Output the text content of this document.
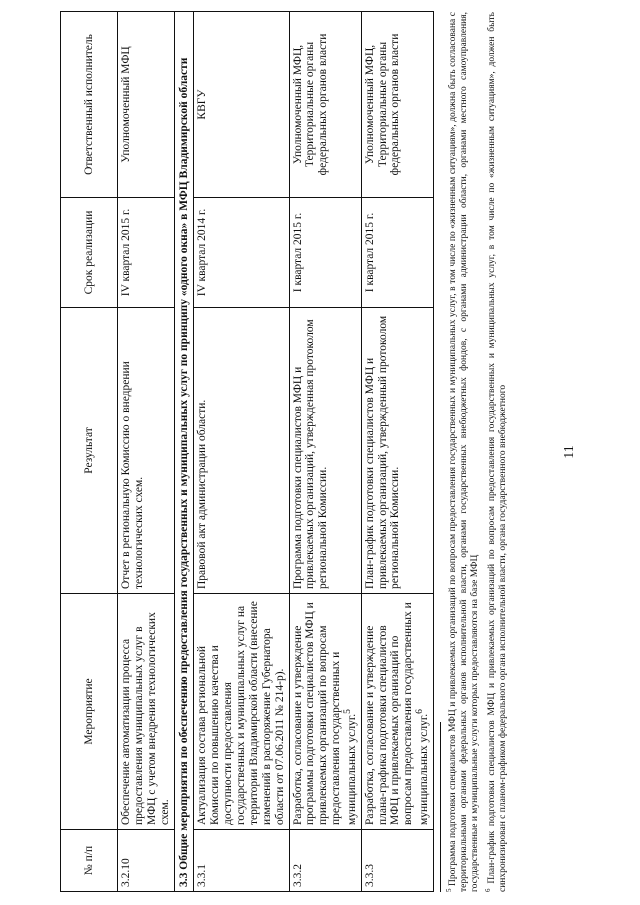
11
№ п/п	Мероприятие	Результат	Срок реализации	Ответственный исполнитель
3.2.10	Обеспечение автоматизации процесса предоставления муниципальных услуг в МФЦ с учетом внедрения технологических схем.	Отчет в региональную Комиссию о внедрении технологических схем.	IV квартал 2015 г.	Уполномоченный МФЦ
3.3 Общие мероприятия по обеспечению предоставления государственных и муниципальных услуг по принципу «одного окна» в МФЦ Владимирской области				
3.3.1	Актуализация состава региональной Комиссии по повышению качества и доступности предоставления государственных и муниципальных услуг на территории Владимирской области (внесение изменений в распоряжение Губернатора области от 07.06.2011 № 214-р).	Правовой акт администрации области.	IV квартал 2014 г.	КВГУ
3.3.2	Разработка, согласование и утверждение программы подготовки специалистов МФЦ и привлекаемых организаций по вопросам предоставления государственных и муниципальных услуг.$^5$	Программа подготовки специалистов МФЦ и привлекаемых организаций, утвержденная протоколом региональной Комиссии.	I квартал 2015 г.	Уполномоченный МФЦ, Территориальные органы федеральных органов власти
3.3.3	Разработка, согласование и утверждение плана-графика подготовки специалистов МФЦ и привлекаемых организаций по вопросам предоставления государственных и муниципальных услуг.$^6$	План-график подготовки специалистов МФЦ и привлекаемых организаций, утвержденный протоколом региональной Комиссии.	I квартал 2015 г.	Уполномоченный МФЦ, Территориальные органы федеральных органов власти

$^5$ Программа подготовки специалистов МФЦ и привлекаемых организаций по вопросам предоставления государственных и муниципальных услуг, в том числе по «жизненным ситуациям», должна быть согласована с территориальными органами федеральных органов исполнительной власти, органами государственных внебюджетных фондов, с органами администрации области, органами местного самоуправления, государственные и муниципальные услуги которых предоставляются на базе МФЦ $^6$ План-график подготовки специалистов МФЦ и привлекаемых организаций по вопросам предоставления государственных и муниципальных услуг, в том числе по «жизненным ситуациям», должен быть синхронизирован с планом-графиком федерального органа исполнительной власти, органа государственного внебюджетного
